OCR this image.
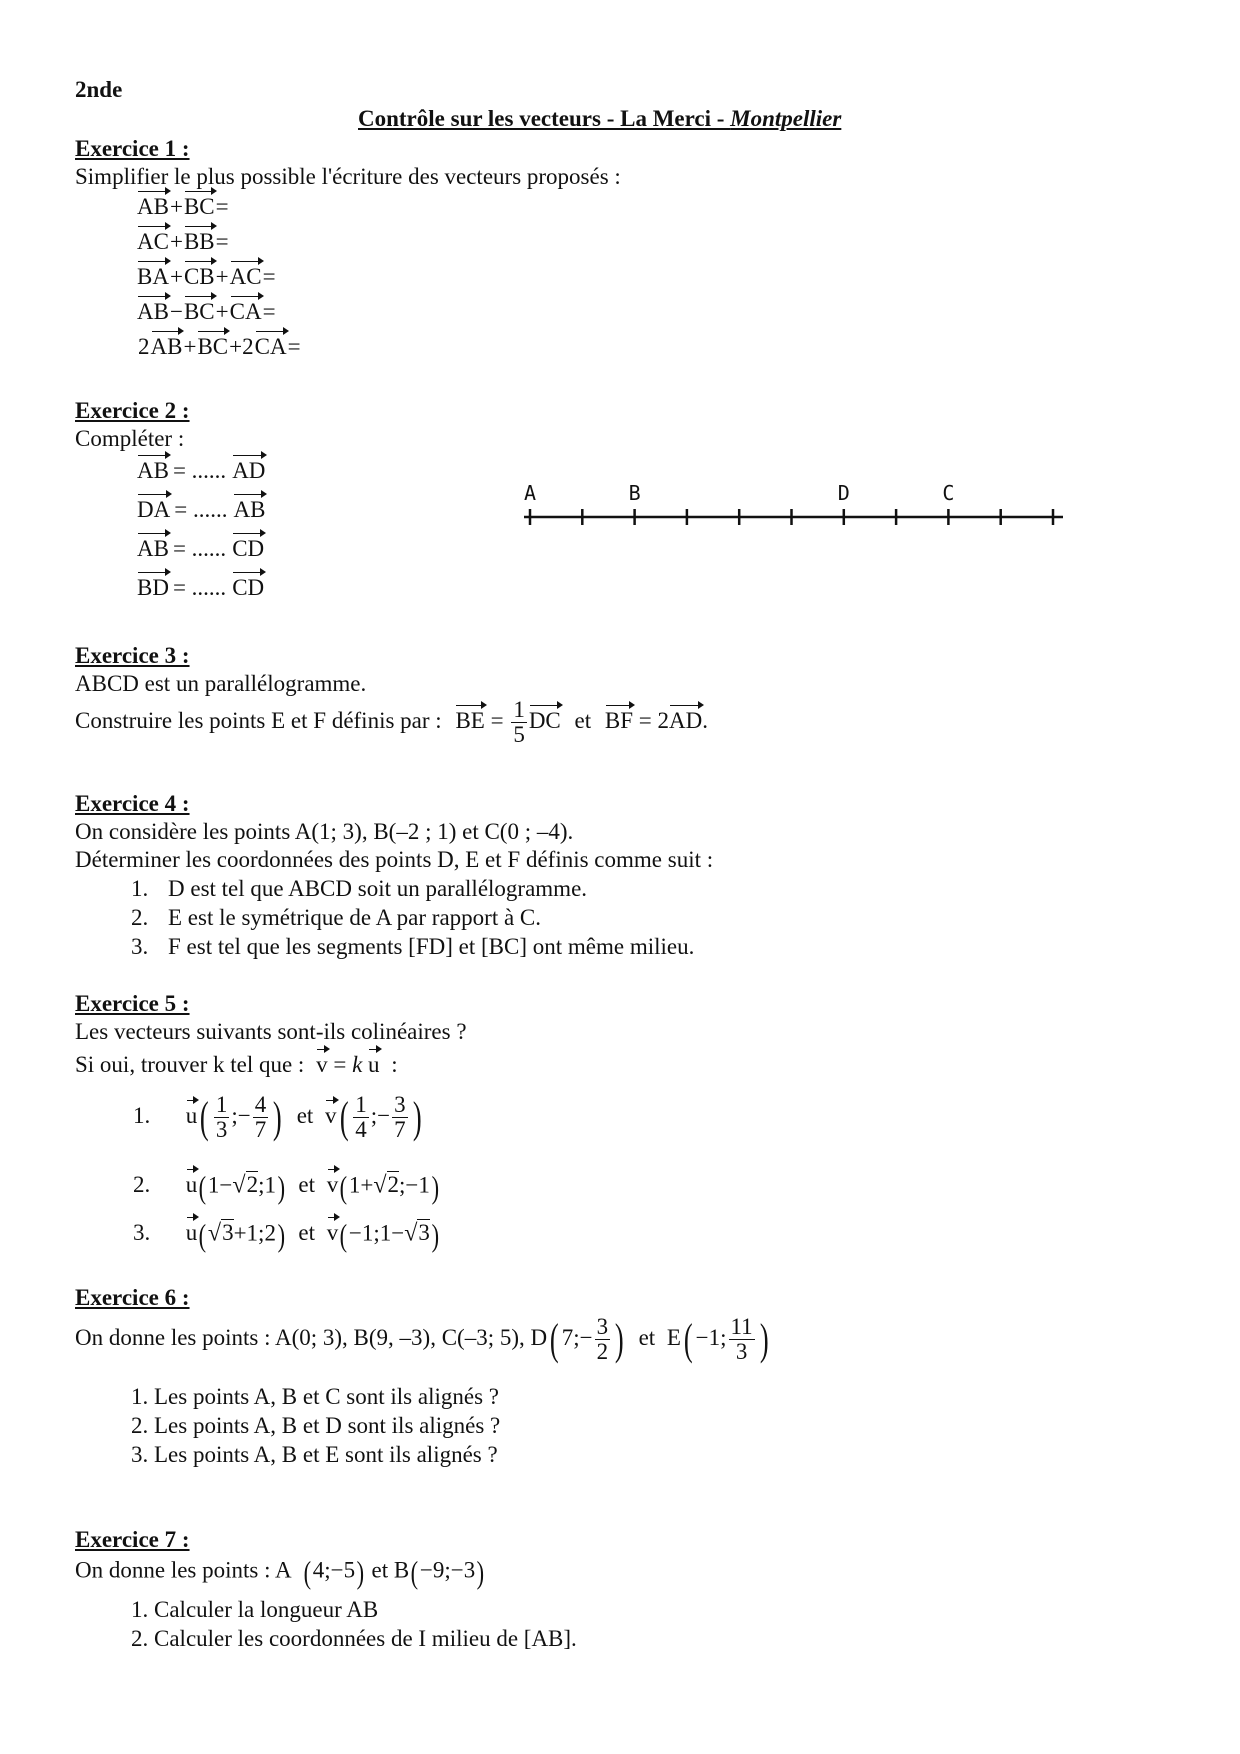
2nde
Contrôle sur les vecteurs - La Merci - Montpellier
Exercice 1 :
Simplifier le plus possible l'écriture des vecteurs proposés :
AB+BC=
AC+BB=
BA+CB+AC=
AB−BC+CA=
2AB+BC+2CA=
Exercice 2 :
Compléter :
AB = ...... AD
DA = ...... AB
AB = ...... CD
BD = ...... CD
A	B	D	C
Exercice 3 :
ABCD est un parallélogramme.
Construire les points E et F définis par : BE = $\frac{1}{5}$ DC et BF = 2AD.
Exercice 4 :
On considère les points A(1; 3), B(–2 ; 1) et C(0 ; –4).
Déterminer les coordonnées des points D, E et F définis comme suit :
1. D est tel que ABCD soit un parallélogramme.
2. E est le symétrique de A par rapport à C.
3. F est tel que les segments [FD] et [BC] ont même milieu.
Exercice 5 :
Les vecteurs suivants sont-ils colinéaires ?
Si oui, trouver k tel que : v = k u :
1. $u( \frac{1}{3}$ ;− $\frac{4}{7}$ ) et $v( \frac{1}{4}$ ;− $\frac{3}{7}$ )
2. u(1−√2;1) et v(1+√2;−1)
3. u(√3+1;2) et v(−1;1−√3)
Exercice 6 :
On donne les points : A(0; 3), B(9, –3), C(–3; 5), D( 7;− $\frac{3}{2}$ ) et E( −1; $\frac{11}{3}$ )
1. Les points A, B et C sont ils alignés ?
2. Les points A, B et D sont ils alignés ?
3. Les points A, B et E sont ils alignés ?
Exercice 7 :
On donne les points : A (4;−5) et B(−9;−3)
1. Calculer la longueur AB
2. Calculer les coordonnées de I milieu de [AB].
